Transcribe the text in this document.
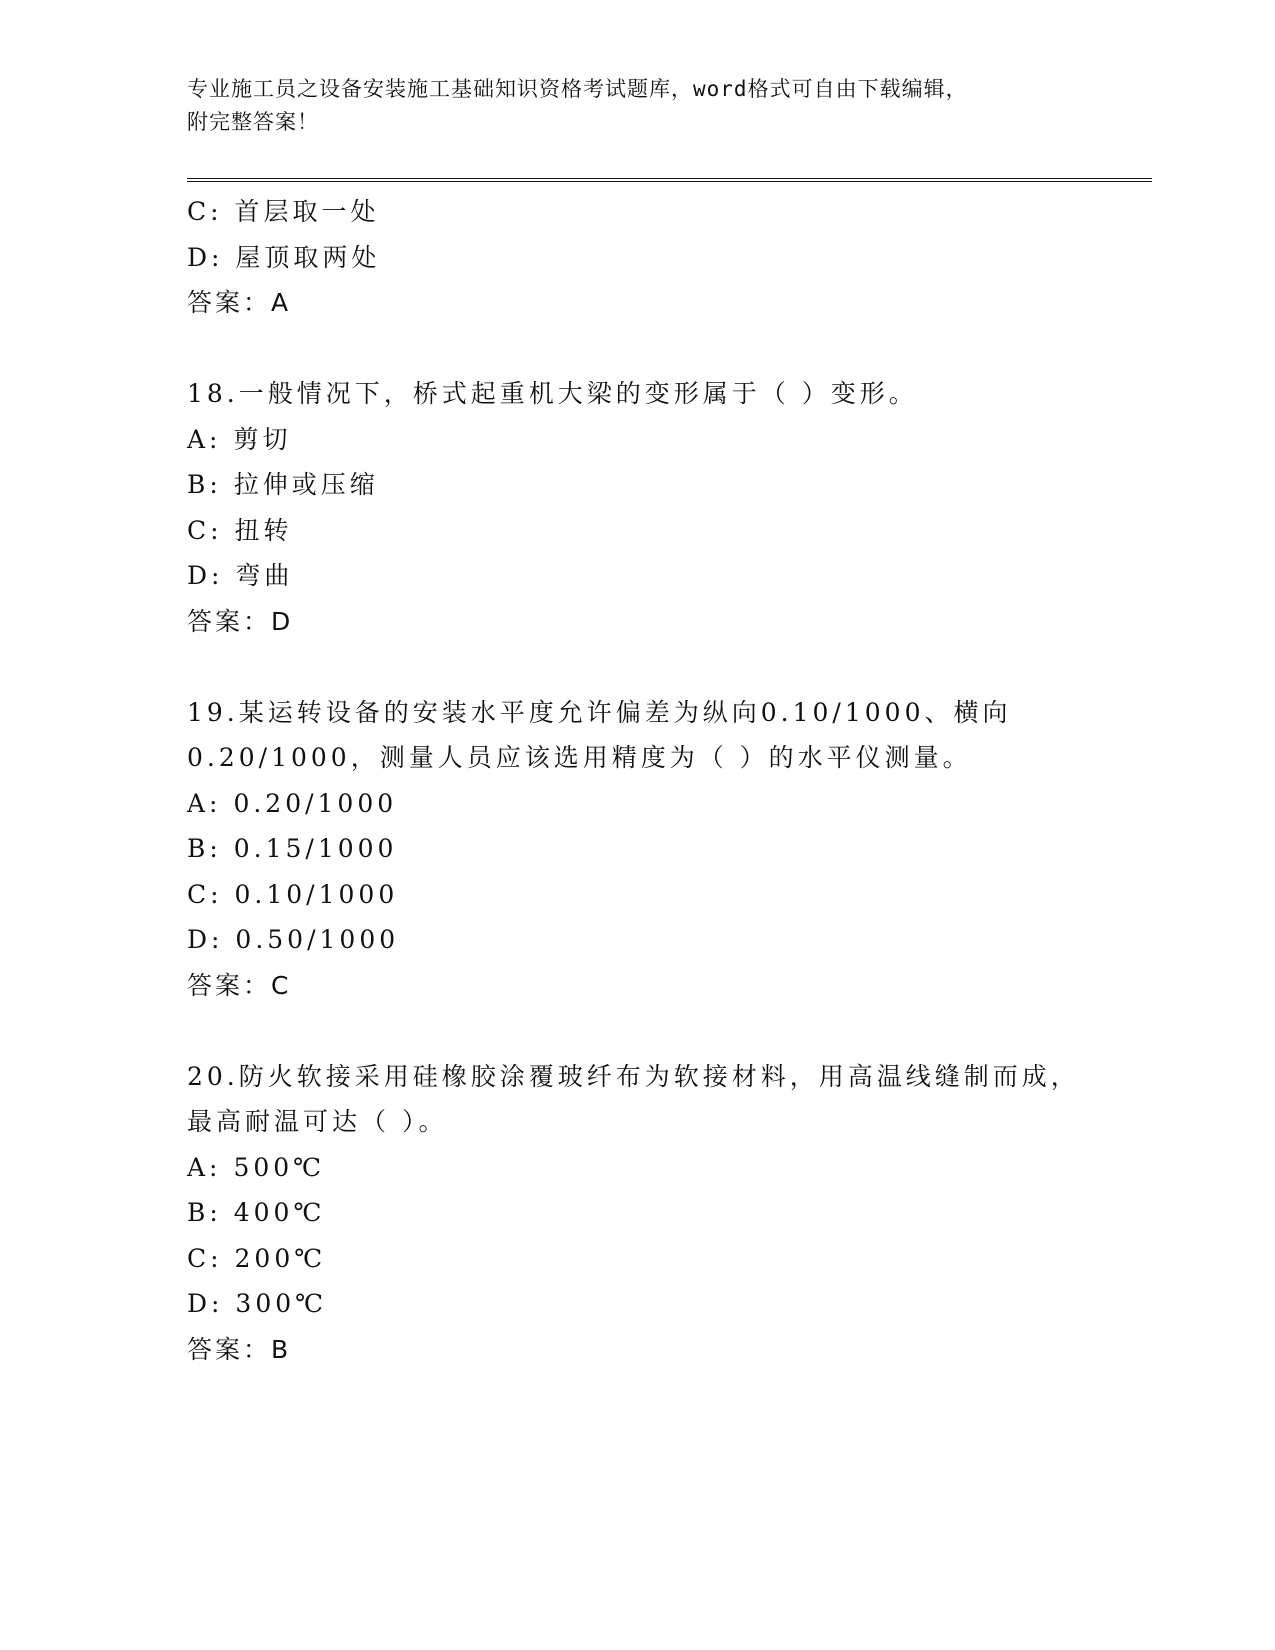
专业施工员之设备安装施工基础知识资格考试题库，word格式可自由下载编辑，
附完整答案！
C: 首层取一处
D: 屋顶取两处
答案：A
18.一般情况下，桥式起重机大梁的变形属于（ ）变形。
A: 剪切
B: 拉伸或压缩
C: 扭转
D: 弯曲
答案：D
19.某运转设备的安装水平度允许偏差为纵向0.10/1000、横向
0.20/1000，测量人员应该选用精度为（ ）的水平仪测量。
A: 0.20/1000
B: 0.15/1000
C: 0.10/1000
D: 0.50/1000
答案：C
20.防火软接采用硅橡胶涂覆玻纤布为软接材料，用高温线缝制而成，
最高耐温可达（ ）。
A: 500℃
B: 400℃
C: 200℃
D: 300℃
答案：B
